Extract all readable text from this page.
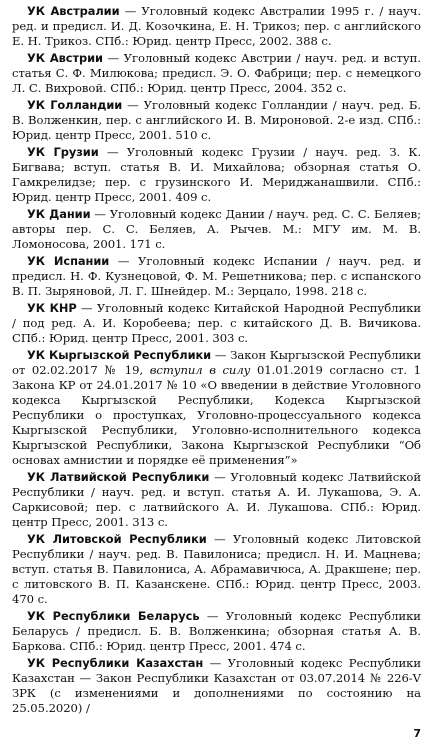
УК Австралии — Уголовный кодекс Австралии 1995 г. / науч. ред. и предисл. И. Д. Козочкина, Е. Н. Трикоз; пер. с английского Е. Н. Трикоз. СПб.: Юрид. центр Пресс, 2002. 388 с.

УК Австрии — Уголовный кодекс Австрии / науч. ред. и вступ. статья С. Ф. Милюкова; предисл. Э. О. Фабрици; пер. с немецкого Л. С. Вихровой. СПб.: Юрид. центр Пресс, 2004. 352 с.

УК Голландии — Уголовный кодекс Голландии / науч. ред. Б. В. Волженкин, пер. с английского И. В. Мироновой. 2-е изд. СПб.: Юрид. центр Пресс, 2001. 510 с.

УК Грузии — Уголовный кодекс Грузии / науч. ред. З. К. Бигвава; вступ. статья В. И. Михайлова; обзорная статья О. Гамкрелидзе; пер. с грузинского И. Мериджанашвили. СПб.: Юрид. центр Пресс, 2001. 409 с.

УК Дании — Уголовный кодекс Дании / науч. ред. С. С. Беляев; авторы пер. С. С. Беляев, А. Рычев. М.: МГУ им. М. В. Ломоносова, 2001. 171 с.

УК Испании — Уголовный кодекс Испании / науч. ред. и предисл. Н. Ф. Кузнецовой, Ф. М. Решетникова; пер. с испанского В. П. Зыряновой, Л. Г. Шнейдер. М.: Зерцало, 1998. 218 с.

УК КНР — Уголовный кодекс Китайской Народной Республики / под ред. А. И. Коробеева; пер. с китайского Д. В. Вичикова. СПб.: Юрид. центр Пресс, 2001. 303 с.

УК Кыргызской Республики — Закон Кыргызской Республики от 02.02.2017 № 19, вступил в силу 01.01.2019 согласно ст. 1 Закона КР от 24.01.2017 № 10 «О введении в действие Уголовного кодекса Кыргызской Республики, Кодекса Кыргызской Республики о проступках, Уголовно-процессуального кодекса Кыргызской Республики, Уголовно-исполнительного кодекса Кыргызской Республики, Закона Кыргызской Республики “Об основах амнистии и порядке её применения”»

УК Латвийской Республики — Уголовный кодекс Латвийской Республики / науч. ред. и вступ. статья А. И. Лукашова, Э. А. Саркисовой; пер. с латвийского А. И. Лукашова. СПб.: Юрид. центр Пресс, 2001. 313 с.

УК Литовской Республики — Уголовный кодекс Литовской Республики / науч. ред. В. Павилониса; предисл. Н. И. Мацнева; вступ. статья В. Павилониса, А. Абрамавичюса, А. Дракшене; пер. с литовского В. П. Казанскене. СПб.: Юрид. центр Пресс, 2003. 470 с.

УК Республики Беларусь — Уголовный кодекс Республики Беларусь / предисл. Б. В. Волженкина; обзорная статья А. В. Баркова. СПб.: Юрид. центр Пресс, 2001. 474 с.

УК Республики Казахстан — Уголовный кодекс Республики Казахстан — Закон Республики Казахстан от 03.07.2014 № 226-V ЗРК (с изменениями и дополнениями по состоянию на 25.05.2020) /

7
